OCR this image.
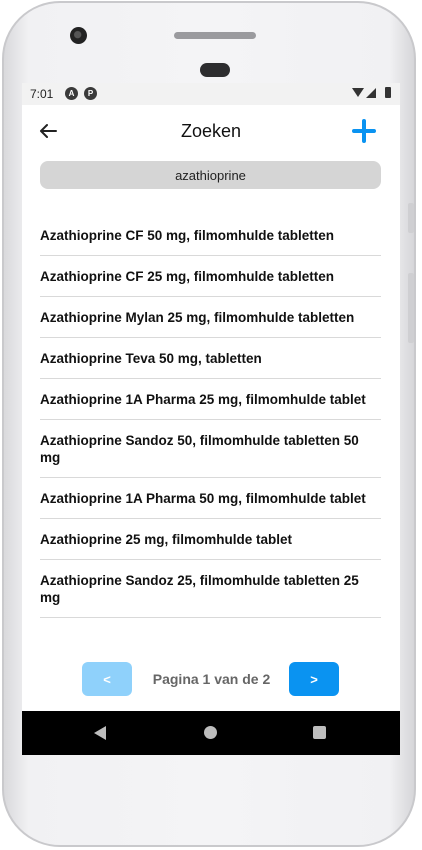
7:01	A	P
Zoeken
azathioprine
Azathioprine CF 50 mg, filmomhulde tabletten
Azathioprine CF 25 mg, filmomhulde tabletten
Azathioprine Mylan 25 mg, filmomhulde tabletten
Azathioprine Teva 50 mg, tabletten
Azathioprine 1A Pharma 25 mg, filmomhulde tablet
Azathioprine Sandoz 50, filmomhulde tabletten 50 mg
Azathioprine 1A Pharma 50 mg, filmomhulde tablet
Azathioprine 25 mg, filmomhulde tablet
Azathioprine Sandoz 25, filmomhulde tabletten 25 mg
<	Pagina 1 van de 2	>
